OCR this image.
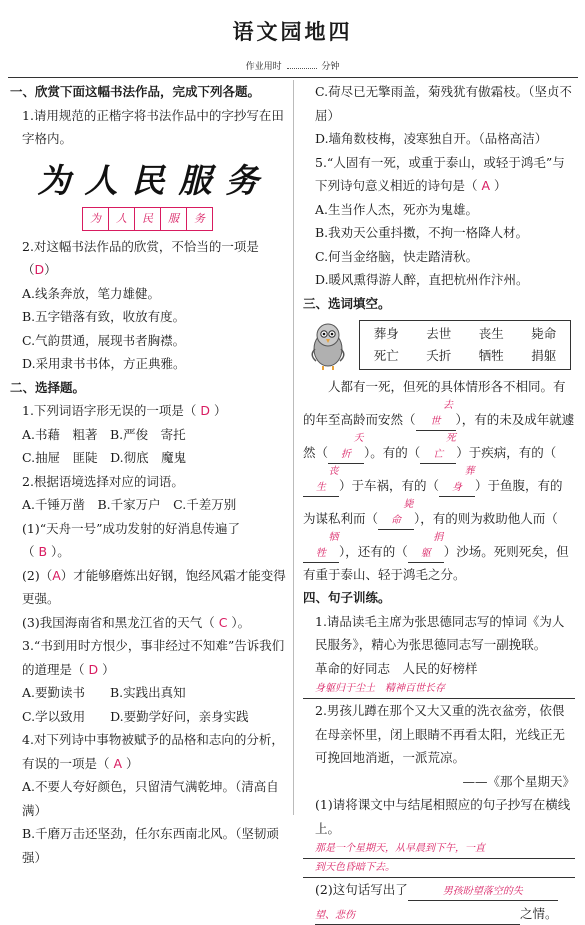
语文园地四
作业用时	分钟

一、欣赏下面这幅书法作品，完成下列各题。

1.请用规范的正楷字将书法作品中的字抄写在田字格内。

为 人 民 服 务
为 人 民 服 务

2.对这幅书法作品的欣赏，不恰当的一项是（D）

A.线条奔放，笔力雄健。

B.五字错落有致，收放有度。

C.气韵贯通，展现书者胸襟。

D.采用隶书书体，方正典雅。

二、选择题。

1.下列词语字形无误的一项是（ D ）

A.书藉　粗著　B.严俊　寄托

C.抽屉　匪陡　D.彻底　魔鬼

2.根据语境选择对应的词语。

A.千锤万凿　B.千家万户　C.千差万别

(1)“天舟一号”成功发射的好消息传遍了
（ B ）。

(2)（A）才能够磨炼出好钢，饱经风霜才能变得更强。

(3)我国海南省和黑龙江省的天气（ C ）。

3.“书到用时方恨少，事非经过不知难”告诉我们的道理是（ D ）

A.要勤读书　　B.实践出真知

C.学以致用　　D.要勤学好问，亲身实践

4.对下列诗中事物被赋予的品格和志向的分析，有误的一项是（ A ）

A.不要人夸好颜色，只留清气满乾坤。（清高自满）

B.千磨万击还坚劲，任尔东西南北风。（坚韧顽强）

C.荷尽已无擎雨盖，菊残犹有傲霜枝。（坚贞不屈）

D.墙角数枝梅，凌寒独自开。（品格高洁）

5.“人固有一死，或重于泰山，或轻于鸿毛”与下列诗句意义相近的诗句是（ A ）

A.生当作人杰，死亦为鬼雄。

B.我劝天公重抖擞，不拘一格降人材。

C.何当金络脑，快走踏清秋。

D.暖风熏得游人醉，直把杭州作汴州。

三、选词填空。

葬身 去世 丧生 毙命
死亡 夭折 牺牲 捐躯

人都有一死，但死的具体情形各不相同。有的年至高龄而安然（去世 ），有的未及成年就遽然（夭折 ）。有的（死亡 ）于疾病，有的（丧生 ）于车祸，有的（葬身 ）于鱼腹，有的为谋私利而（毙命 ），有的则为救助他人而（牺牲 ），还有的（捐躯 ）沙场。死则死矣，但有重于泰山、轻于鸿毛之分。

四、句子训练。

1.请品读毛主席为张思德同志写的悼词《为人民服务》，精心为张思德同志写一副挽联。

革命的好同志　人民的好榜样

身躯归于尘土　精神百世长存

2.男孩儿蹲在那个又大又重的洗衣盆旁，依偎在母亲怀里，闭上眼睛不再看太阳，光线正无可挽回地消逝，一派荒凉。

——《那个星期天》

(1)请将课文中与结尾相照应的句子抄写在横线上。

那是一个星期天，从早晨到下午，一直

到天色昏暗下去。

(2)这句话写出了	男孩盼望落空的失

望、悲伤	之情。
